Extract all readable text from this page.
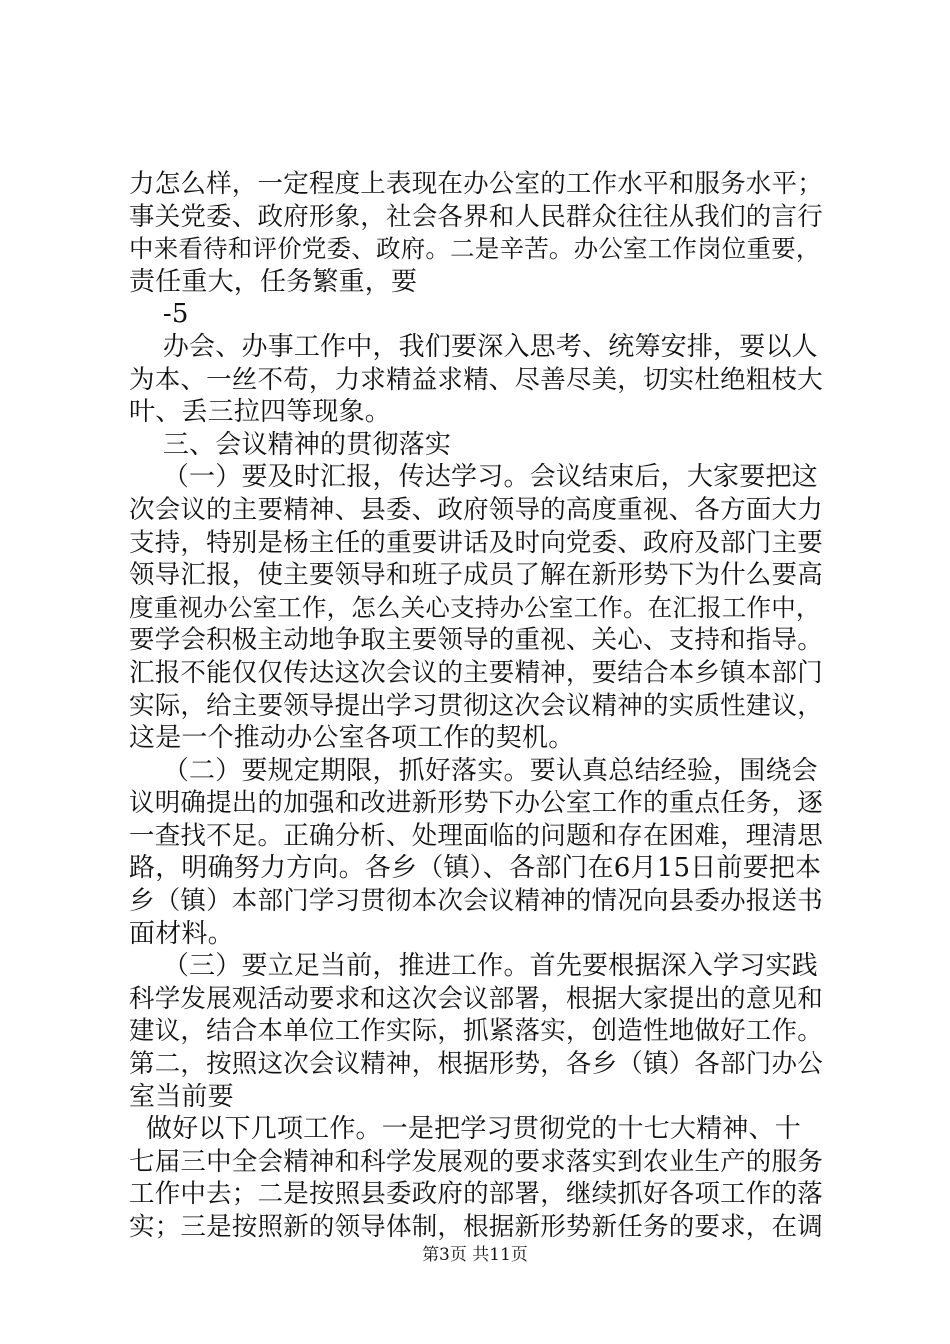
力怎么样，一定程度上表现在办公室的工作水平和服务水平；
事关党委、政府形象，社会各界和人民群众往往从我们的言行
中来看待和评价党委、政府。二是辛苦。办公室工作岗位重要，
责任重大，任务繁重，要
-5
办会、办事工作中，我们要深入思考、统筹安排，要以人
为本、一丝不苟，力求精益求精、尽善尽美，切实杜绝粗枝大
叶、丢三拉四等现象。
三、会议精神的贯彻落实
（一）要及时汇报，传达学习。会议结束后，大家要把这
次会议的主要精神、县委、政府领导的高度重视、各方面大力
支持，特别是杨主任的重要讲话及时向党委、政府及部门主要
领导汇报，使主要领导和班子成员了解在新形势下为什么要高
度重视办公室工作，怎么关心支持办公室工作。在汇报工作中，
要学会积极主动地争取主要领导的重视、关心、支持和指导。
汇报不能仅仅传达这次会议的主要精神，要结合本乡镇本部门
实际，给主要领导提出学习贯彻这次会议精神的实质性建议，
这是一个推动办公室各项工作的契机。
（二）要规定期限，抓好落实。要认真总结经验，围绕会
议明确提出的加强和改进新形势下办公室工作的重点任务，逐
一查找不足。正确分析、处理面临的问题和存在困难，理清思
路，明确努力方向。各乡（镇）、各部门在6月15日前要把本
乡（镇）本部门学习贯彻本次会议精神的情况向县委办报送书
面材料。
（三）要立足当前，推进工作。首先要根据深入学习实践
科学发展观活动要求和这次会议部署，根据大家提出的意见和
建议，结合本单位工作实际，抓紧落实，创造性地做好工作。
第二，按照这次会议精神，根据形势，各乡（镇）各部门办公
室当前要
做好以下几项工作。一是把学习贯彻党的十七大精神、十
七届三中全会精神和科学发展观的要求落实到农业生产的服务
工作中去；二是按照县委政府的部署，继续抓好各项工作的落
实；三是按照新的领导体制，根据新形势新任务的要求，在调
第3页 共11页
